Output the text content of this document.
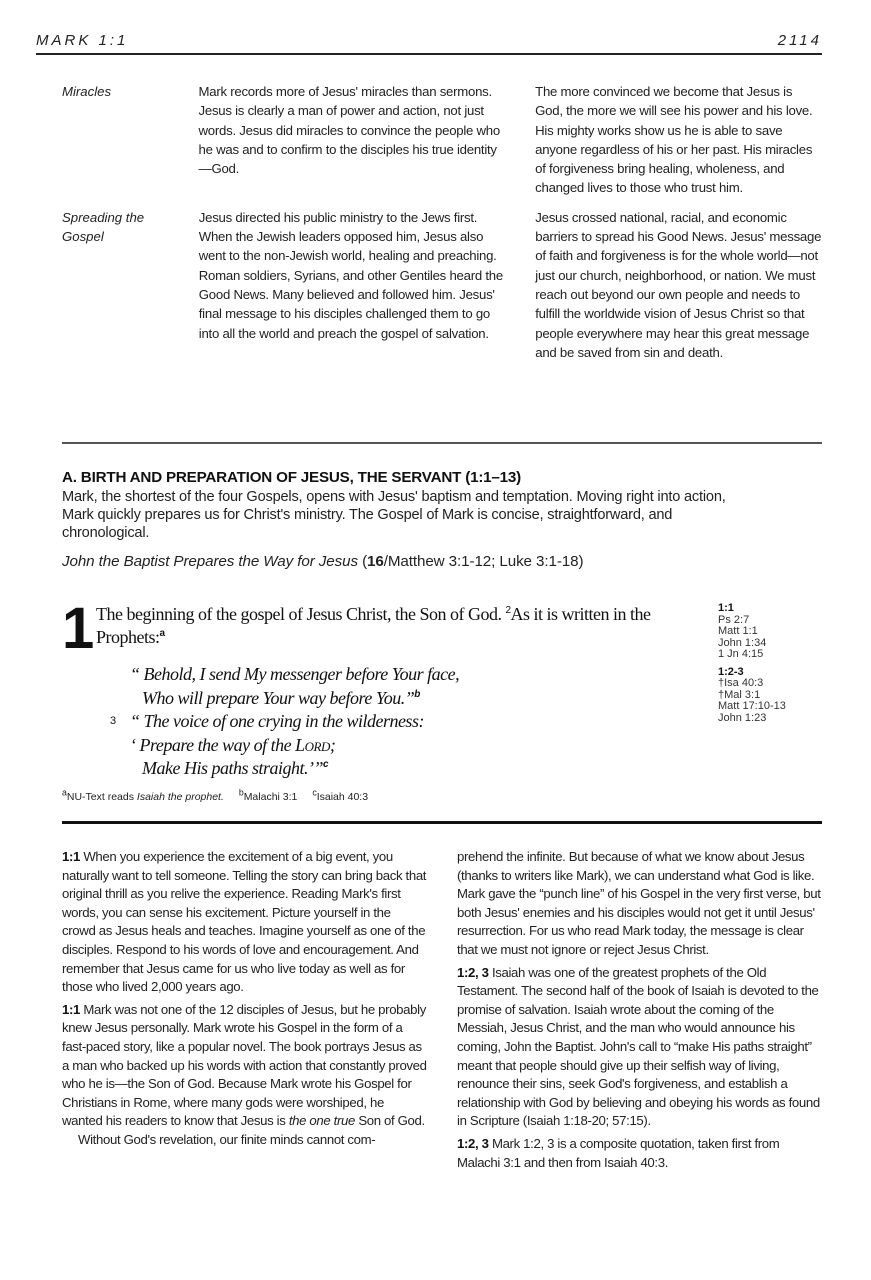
MARK 1:1	2114
Miracles	Mark records more of Jesus' miracles than sermons. Jesus is clearly a man of power and action, not just words. Jesus did miracles to convince the people who he was and to confirm to the disciples his true identity—God.
The more convinced we become that Jesus is God, the more we will see his power and his love. His mighty works show us he is able to save anyone regardless of his or her past. His miracles of forgiveness bring healing, wholeness, and changed lives to those who trust him.
Spreading the Gospel
Jesus directed his public ministry to the Jews first. When the Jewish leaders opposed him, Jesus also went to the non-Jewish world, healing and preaching. Roman soldiers, Syrians, and other Gentiles heard the Good News. Many believed and followed him. Jesus' final message to his disciples challenged them to go into all the world and preach the gospel of salvation.
Jesus crossed national, racial, and economic barriers to spread his Good News. Jesus' message of faith and forgiveness is for the whole world—not just our church, neighborhood, or nation. We must reach out beyond our own people and needs to fulfill the worldwide vision of Jesus Christ so that people everywhere may hear this great message and be saved from sin and death.
A. BIRTH AND PREPARATION OF JESUS, THE SERVANT (1:1–13)
Mark, the shortest of the four Gospels, opens with Jesus' baptism and temptation. Moving right into action, Mark quickly prepares us for Christ's ministry. The Gospel of Mark is concise, straightforward, and chronological.
John the Baptist Prepares the Way for Jesus (16/Matthew 3:1-12; Luke 3:1-18)
1 The beginning of the gospel of Jesus Christ, the Son of God. $^2$As it is written in the Prophets:$^a$
“ Behold, I send My messenger before Your face,
Who will prepare Your way before You.”$^b$
3 “ The voice of one crying in the wilderness:
‘ Prepare the way of the Lord;
Make His paths straight.’”$^c$
$^a$NU-Text reads Isaiah the prophet. $^b$Malachi 3:1 $^c$Isaiah 40:3
1:1
Ps 2:7
Matt 1:1
John 1:34
1 Jn 4:15
1:2-3
†Isa 40:3
†Mal 3:1
Matt 17:10-13
John 1:23

1:1 When you experience the excitement of a big event, you naturally want to tell someone. Telling the story can bring back that original thrill as you relive the experience. Reading Mark's first words, you can sense his excitement. Picture yourself in the crowd as Jesus heals and teaches. Imagine yourself as one of the disciples. Respond to his words of love and encouragement. And remember that Jesus came for us who live today as well as for those who lived 2,000 years ago.

1:1 Mark was not one of the 12 disciples of Jesus, but he probably knew Jesus personally. Mark wrote his Gospel in the form of a fast-paced story, like a popular novel. The book portrays Jesus as a man who backed up his words with action that constantly proved who he is—the Son of God. Because Mark wrote his Gospel for Christians in Rome, where many gods were worshiped, he wanted his readers to know that Jesus is the one true Son of God.

Without God's revelation, our finite minds cannot com-

prehend the infinite. But because of what we know about Jesus (thanks to writers like Mark), we can understand what God is like. Mark gave the “punch line” of his Gospel in the very first verse, but both Jesus' enemies and his disciples would not get it until Jesus' resurrection. For us who read Mark today, the message is clear that we must not ignore or reject Jesus Christ.

1:2, 3 Isaiah was one of the greatest prophets of the Old Testament. The second half of the book of Isaiah is devoted to the promise of salvation. Isaiah wrote about the coming of the Messiah, Jesus Christ, and the man who would announce his coming, John the Baptist. John's call to “make His paths straight” meant that people should give up their selfish way of living, renounce their sins, seek God's forgiveness, and establish a relationship with God by believing and obeying his words as found in Scripture (Isaiah 1:18-20; 57:15).

1:2, 3 Mark 1:2, 3 is a composite quotation, taken first from Malachi 3:1 and then from Isaiah 40:3.
